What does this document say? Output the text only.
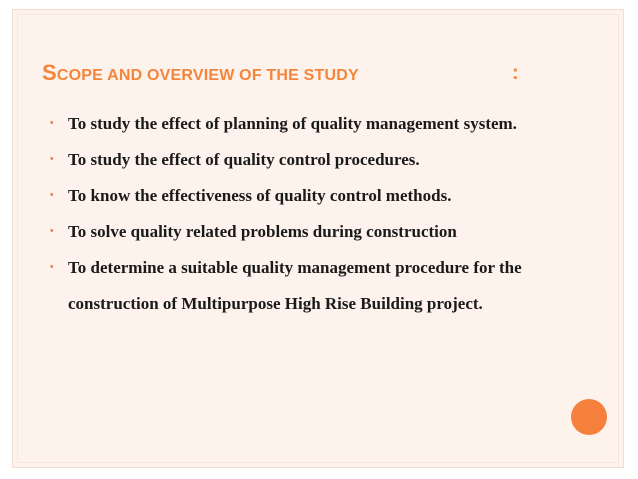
SCOPE AND OVERVIEW OF THE STUDY	:
• To study the effect of planning of quality management system.
• To study the effect of quality control procedures.
• To know the effectiveness of quality control methods.
• To solve quality related problems during construction
• To determine a suitable quality management procedure for the construction of Multipurpose High Rise Building project.
